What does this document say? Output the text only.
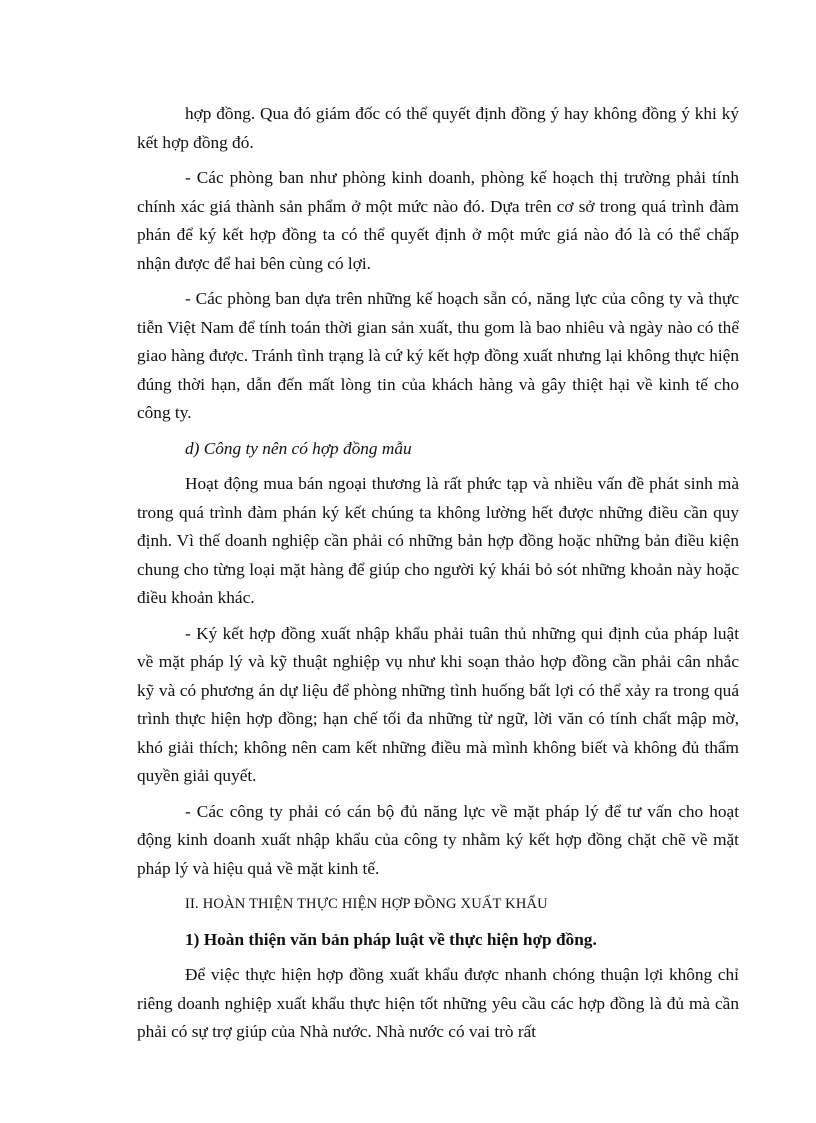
hợp đồng. Qua đó giám đốc có thể quyết định đồng ý hay không đồng ý khi ký kết hợp đồng đó.

- Các phòng ban như phòng kinh doanh, phòng kế hoạch thị trường phải tính chính xác giá thành sản phẩm ở một mức nào đó. Dựa trên cơ sở trong quá trình đàm phán để ký kết hợp đồng ta có thể quyết định ở một mức giá nào đó là có thể chấp nhận được để hai bên cùng có lợi.

- Các phòng ban dựa trên những kế hoạch sẵn có, năng lực của công ty và thực tiễn Việt Nam để tính toán thời gian sản xuất, thu gom là bao nhiêu và ngày nào có thể giao hàng được. Tránh tình trạng là cứ ký kết hợp đồng xuất nhưng lại không thực hiện đúng thời hạn, dẫn đến mất lòng tin của khách hàng và gây thiệt hại về kinh tế cho công ty.

d) Công ty nên có hợp đồng mẫu

Hoạt động mua bán ngoại thương là rất phức tạp và nhiều vấn đề phát sinh mà trong quá trình đàm phán ký kết chúng ta không lường hết được những điều cần quy định. Vì thế doanh nghiệp cần phải có những bản hợp đồng hoặc những bản điều kiện chung cho từng loại mặt hàng để giúp cho người ký khái bỏ sót những khoản này hoặc điều khoản khác.

- Ký kết hợp đồng xuất nhập khẩu phải tuân thủ những qui định của pháp luật về mặt pháp lý và kỹ thuật nghiệp vụ như khi soạn thảo hợp đồng cần phải cân nhắc kỹ và có phương án dự liệu để phòng những tình huống bất lợi có thể xảy ra trong quá trình thực hiện hợp đồng; hạn chế tối đa những từ ngữ, lời văn có tính chất mập mờ, khó giải thích; không nên cam kết những điều mà mình không biết và không đủ thẩm quyền giải quyết.

- Các công ty phải có cán bộ đủ năng lực về mặt pháp lý để tư vấn cho hoạt động kinh doanh xuất nhập khẩu của công ty nhằm ký kết hợp đồng chặt chẽ về mặt pháp lý và hiệu quả về mặt kinh tế.

II. HOÀN THIỆN THỰC HIỆN HỢP ĐỒNG XUẤT KHẨU

1) Hoàn thiện văn bản pháp luật về thực hiện hợp đồng.

Để việc thực hiện hợp đồng xuất khẩu được nhanh chóng thuận lợi không chỉ riêng doanh nghiệp xuất khẩu thực hiện tốt những yêu cầu các hợp đồng là đủ mà cần phải có sự trợ giúp của Nhà nước. Nhà nước có vai trò rất
